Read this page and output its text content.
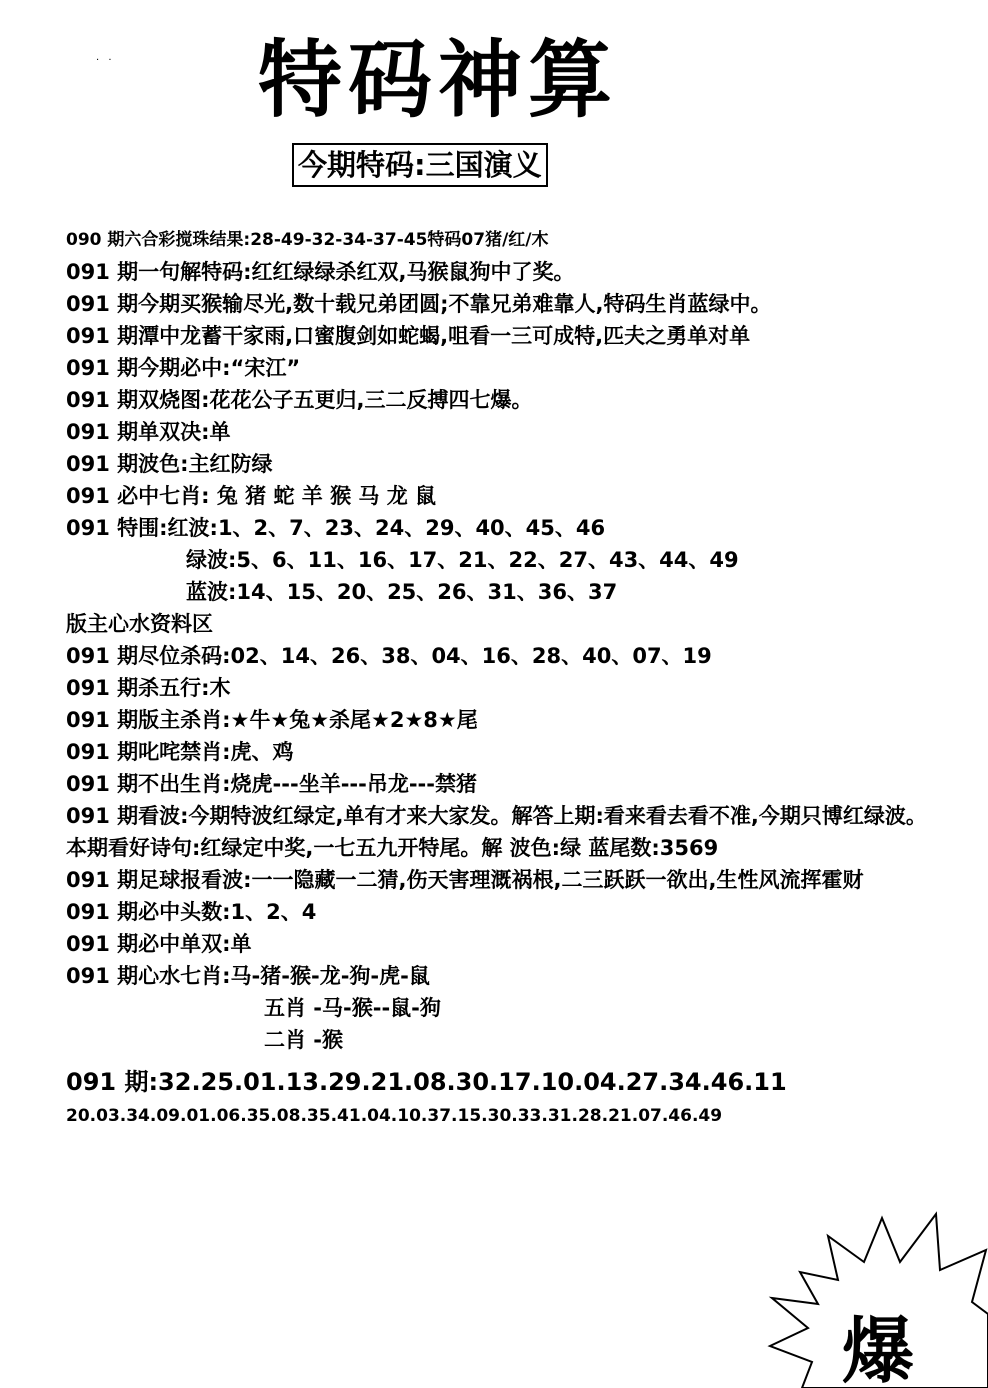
. . 特码神算
今期特码:三国演义
090 期六合彩搅珠结果:28-49-32-34-37-45特码07猪/红/木
091 期一句解特码:红红绿绿杀红双,马猴鼠狗中了奖。
091 期今期买猴输尽光,数十载兄弟团圆;不靠兄弟难靠人,特码生肖蓝绿中。
091 期潭中龙蓄干家雨,口蜜腹剑如蛇蝎,咀看一三可成特,匹夫之勇单对单
091 期今期必中:“宋江”
091 期双烧图:花花公子五更归,三二反搏四七爆。
091 期单双决:单
091 期波色:主红防绿
091 必中七肖: 兔 猪 蛇 羊 猴 马 龙 鼠
091 特围:红波:1、2、7、23、24、29、40、45、46
绿波:5、6、11、16、17、21、22、27、43、44、49
蓝波:14、15、20、25、26、31、36、37
版主心水资料区
091 期尽位杀码:02、14、26、38、04、16、28、40、07、19
091 期杀五行:木
091 期版主杀肖:★牛★兔★杀尾★2★8★尾
091 期叱咤禁肖:虎、鸡
091 期不出生肖:烧虎---坐羊---吊龙---禁猪
091 期看波:今期特波红绿定,单有才来大家发。解答上期:看来看去看不准,今期只博红绿波。
本期看好诗句:红绿定中奖,一七五九开特尾。解 波色:绿 蓝尾数:3569
091 期足球报看波:一一隐藏一二猜,伤天害理溉祸根,二三跃跃一欲出,生性风流挥霍财
091 期必中头数:1、2、4
091 期必中单双:单
091 期心水七肖:马-猪-猴-龙-狗-虎-鼠
五肖 -马-猴--鼠-狗
二肖 -猴
091 期:32.25.01.13.29.21.08.30.17.10.04.27.34.46.11
20.03.34.09.01.06.35.08.35.41.04.10.37.15.30.33.31.28.21.07.46.49
爆
